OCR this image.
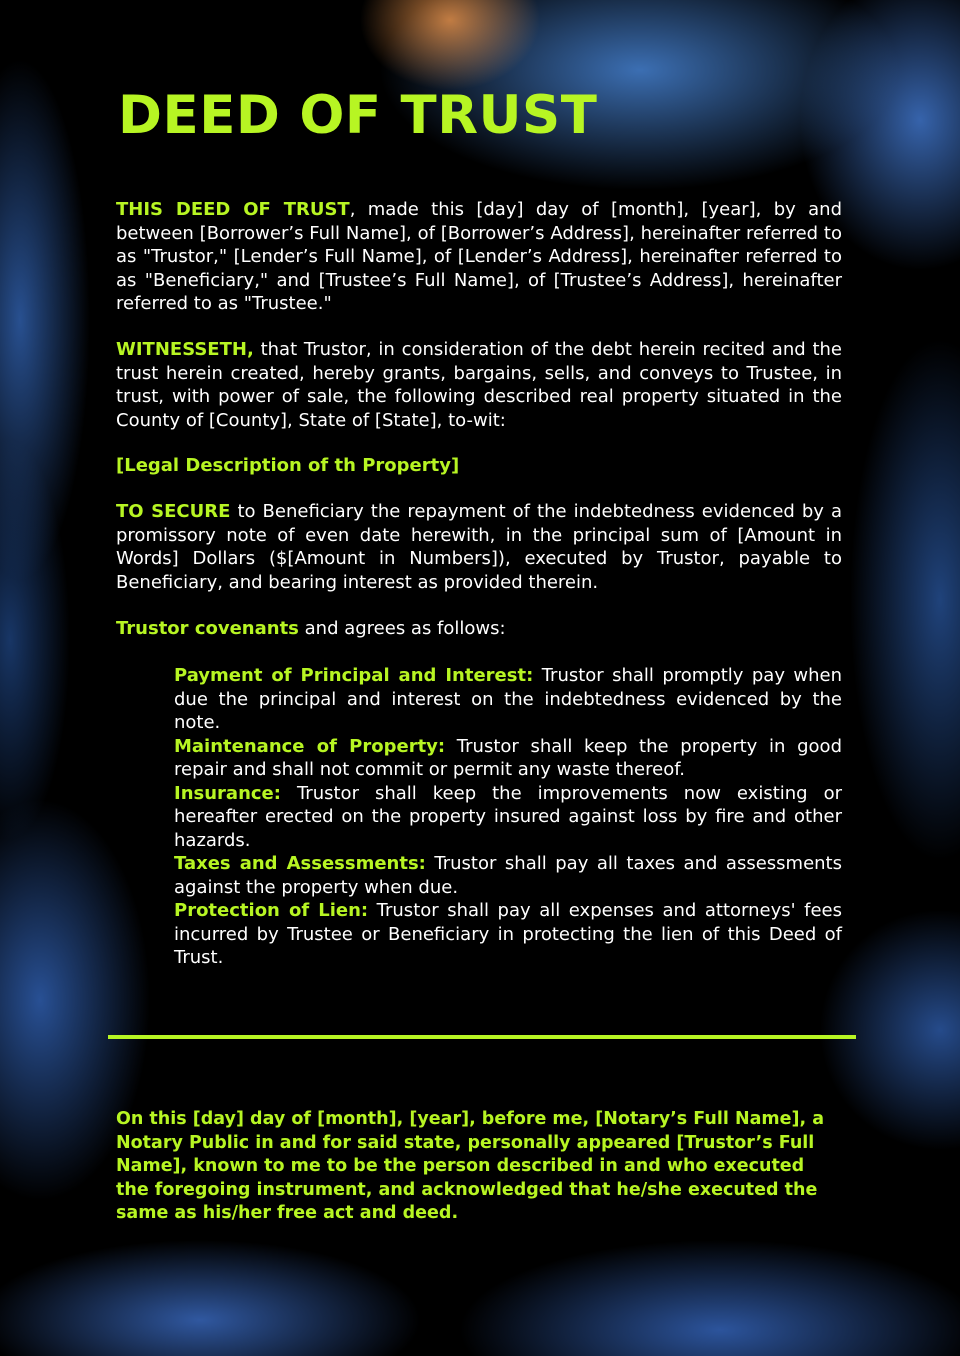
DEED OF TRUST

THIS DEED OF TRUST, made this [day] day of [month], [year], by and between [Borrower’s Full Name], of [Borrower’s Address], hereinafter referred to as "Trustor," [Lender’s Full Name], of [Lender’s Address], hereinafter referred to as "Beneficiary," and [Trustee’s Full Name], of [Trustee’s Address], hereinafter referred to as "Trustee."

WITNESSETH, that Trustor, in consideration of the debt herein recited and the trust herein created, hereby grants, bargains, sells, and conveys to Trustee, in trust, with power of sale, the following described real property situated in the County of [County], State of [State], to-wit:

[Legal Description of th Property]

TO SECURE to Beneficiary the repayment of the indebtedness evidenced by a promissory note of even date herewith, in the principal sum of [Amount in Words] Dollars ($[Amount in Numbers]), executed by Trustor, payable to Beneficiary, and bearing interest as provided therein.

Trustor covenants and agrees as follows:

Payment of Principal and Interest: Trustor shall promptly pay when due the principal and interest on the indebtedness evidenced by the note.
Maintenance of Property: Trustor shall keep the property in good repair and shall not commit or permit any waste thereof.
Insurance: Trustor shall keep the improvements now existing or hereafter erected on the property insured against loss by fire and other hazards.
Taxes and Assessments: Trustor shall pay all taxes and assessments against the property when due.
Protection of Lien: Trustor shall pay all expenses and attorneys' fees incurred by Trustee or Beneficiary in protecting the lien of this Deed of Trust.

On this [day] day of [month], [year], before me, [Notary’s Full Name], a Notary Public in and for said state, personally appeared [Trustor’s Full Name], known to me to be the person described in and who executed the foregoing instrument, and acknowledged that he/she executed the same as his/her free act and deed.
